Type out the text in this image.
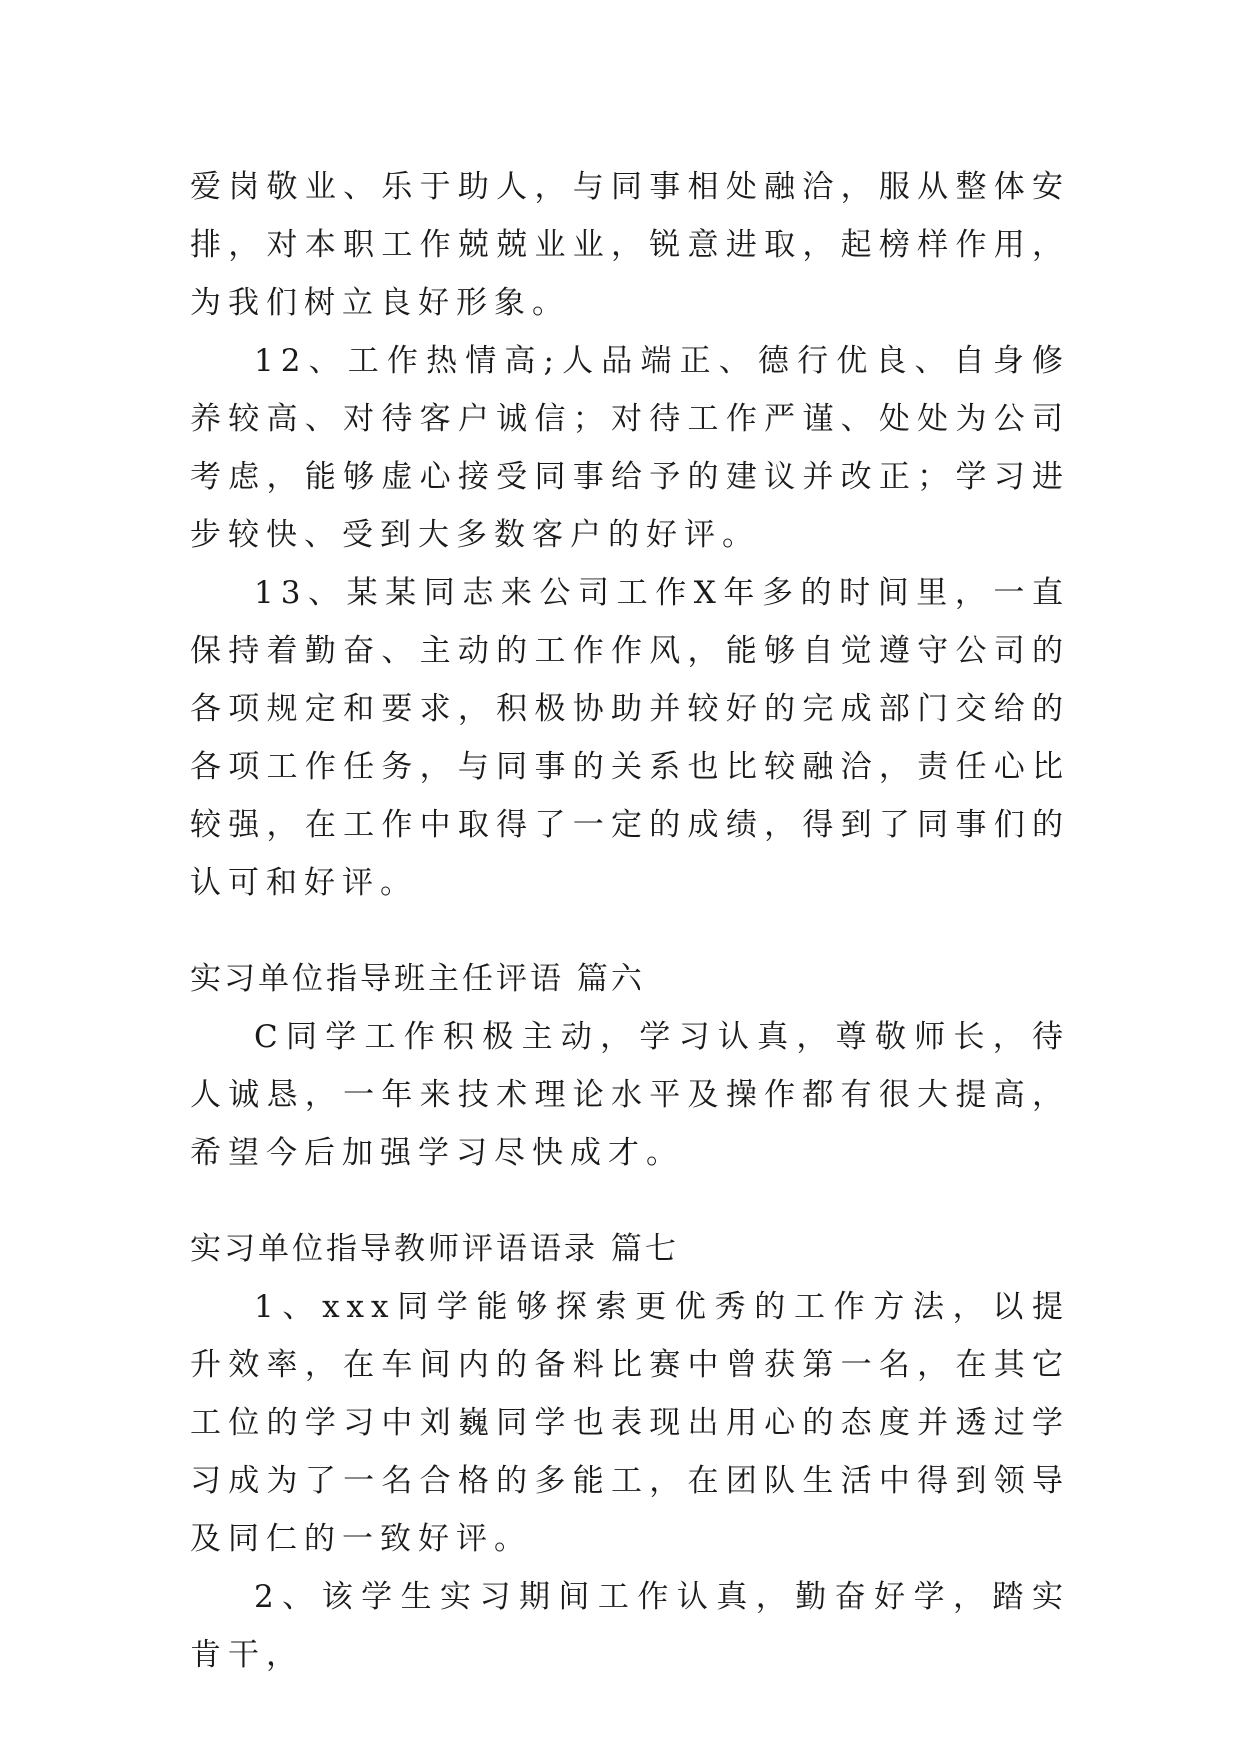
爱岗敬业、乐于助人，与同事相处融洽，服从整体安排，对本职工作兢兢业业，锐意进取，起榜样作用，为我们树立良好形象。

12、工作热情高;人品端正、德行优良、自身修养较高、对待客户诚信；对待工作严谨、处处为公司考虑，能够虚心接受同事给予的建议并改正；学习进步较快、受到大多数客户的好评。

13、某某同志来公司工作X年多的时间里，一直保持着勤奋、主动的工作作风，能够自觉遵守公司的各项规定和要求，积极协助并较好的完成部门交给的各项工作任务，与同事的关系也比较融洽，责任心比较强，在工作中取得了一定的成绩，得到了同事们的认可和好评。

实习单位指导班主任评语 篇六

C同学工作积极主动，学习认真，尊敬师长，待人诚恳，一年来技术理论水平及操作都有很大提高，希望今后加强学习尽快成才。

实习单位指导教师评语语录 篇七

1、xxx同学能够探索更优秀的工作方法，以提升效率，在车间内的备料比赛中曾获第一名，在其它工位的学习中刘巍同学也表现出用心的态度并透过学习成为了一名合格的多能工，在团队生活中得到领导及同仁的一致好评。

2、该学生实习期间工作认真，勤奋好学，踏实肯干，
